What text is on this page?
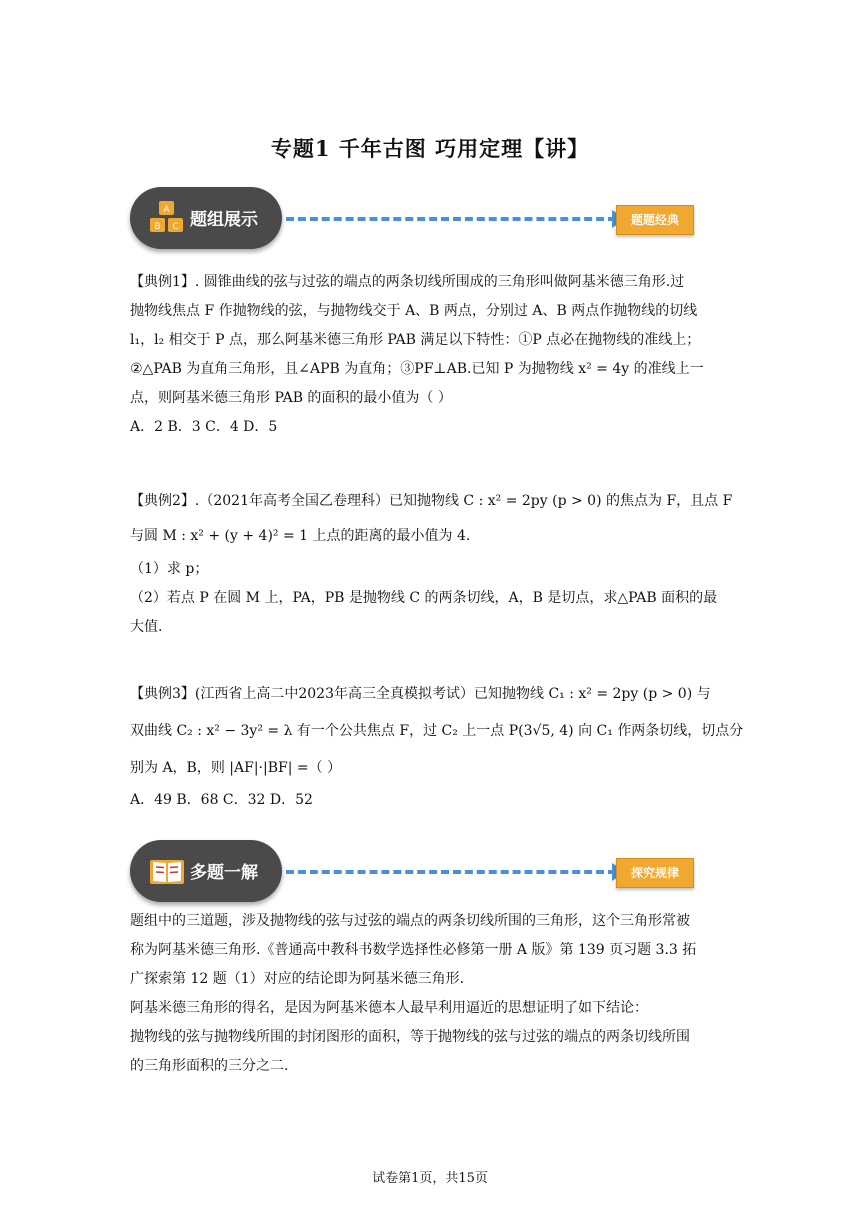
专题1 千年古图 巧用定理【讲】
A
B C 题组展示	题题经典
【典例1】. 圆锥曲线的弦与过弦的端点的两条切线所围成的三角形叫做阿基米德三角形.过
抛物线焦点 F 作抛物线的弦，与抛物线交于 A、B 两点，分别过 A、B 两点作抛物线的切线
l₁，l₂ 相交于 P 点，那么阿基米德三角形 PAB 满足以下特性：①P 点必在抛物线的准线上；
②△PAB 为直角三角形，且∠APB 为直角；③PF⊥AB.已知 P 为抛物线 x² = 4y 的准线上一
点，则阿基米德三角形 PAB 的面积的最小值为（ ）
A．2 B．3 C．4 D．5
【典例2】.（2021年高考全国乙卷理科）已知抛物线 C : x² = 2py (p > 0) 的焦点为 F，且点 F
与圆 M : x² + (y + 4)² = 1 上点的距离的最小值为 4.
（1）求 p；
（2）若点 P 在圆 M 上，PA，PB 是抛物线 C 的两条切线，A，B 是切点，求△PAB 面积的最
大值.
【典例3】(江西省上高二中2023年高三全真模拟考试）已知抛物线 C₁ : x² = 2py (p > 0) 与
双曲线 C₂ : x² − 3y² = λ 有一个公共焦点 F，过 C₂ 上一点 P(3√5, 4) 向 C₁ 作两条切线，切点分
别为 A，B，则 |AF|·|BF| =（ ）
A．49 B．68 C．32 D．52
多题一解	探究规律
题组中的三道题，涉及抛物线的弦与过弦的端点的两条切线所围的三角形，这个三角形常被
称为阿基米德三角形.《普通高中教科书数学选择性必修第一册 A 版》第 139 页习题 3.3 拓
广探索第 12 题（1）对应的结论即为阿基米德三角形.
阿基米德三角形的得名，是因为阿基米德本人最早利用逼近的思想证明了如下结论：
抛物线的弦与抛物线所围的封闭图形的面积，等于抛物线的弦与过弦的端点的两条切线所围
的三角形面积的三分之二.
试卷第1页，共15页
